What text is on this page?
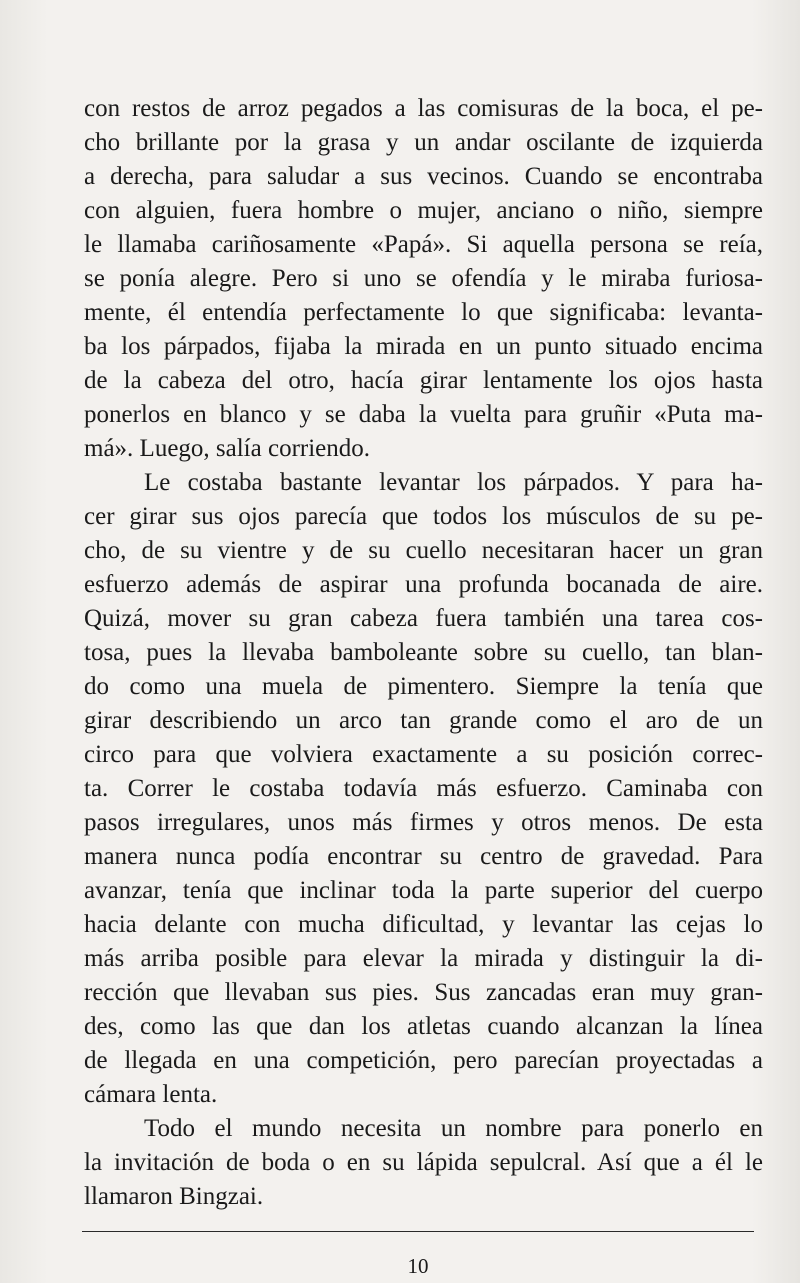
con restos de arroz pegados a las comisuras de la boca, el pe-
cho brillante por la grasa y un andar oscilante de izquierda
a derecha, para saludar a sus vecinos. Cuando se encontraba
con alguien, fuera hombre o mujer, anciano o niño, siempre
le llamaba cariñosamente «Papá». Si aquella persona se reía,
se ponía alegre. Pero si uno se ofendía y le miraba furiosa-
mente, él entendía perfectamente lo que significaba: levanta-
ba los párpados, fijaba la mirada en un punto situado encima
de la cabeza del otro, hacía girar lentamente los ojos hasta
ponerlos en blanco y se daba la vuelta para gruñir «Puta ma-
má». Luego, salía corriendo.
Le costaba bastante levantar los párpados. Y para ha-
cer girar sus ojos parecía que todos los músculos de su pe-
cho, de su vientre y de su cuello necesitaran hacer un gran
esfuerzo además de aspirar una profunda bocanada de aire.
Quizá, mover su gran cabeza fuera también una tarea cos-
tosa, pues la llevaba bamboleante sobre su cuello, tan blan-
do como una muela de pimentero. Siempre la tenía que
girar describiendo un arco tan grande como el aro de un
circo para que volviera exactamente a su posición correc-
ta. Correr le costaba todavía más esfuerzo. Caminaba con
pasos irregulares, unos más firmes y otros menos. De esta
manera nunca podía encontrar su centro de gravedad. Para
avanzar, tenía que inclinar toda la parte superior del cuerpo
hacia delante con mucha dificultad, y levantar las cejas lo
más arriba posible para elevar la mirada y distinguir la di-
rección que llevaban sus pies. Sus zancadas eran muy gran-
des, como las que dan los atletas cuando alcanzan la línea
de llegada en una competición, pero parecían proyectadas a
cámara lenta.
Todo el mundo necesita un nombre para ponerlo en
la invitación de boda o en su lápida sepulcral. Así que a él le
llamaron Bingzai.
10
